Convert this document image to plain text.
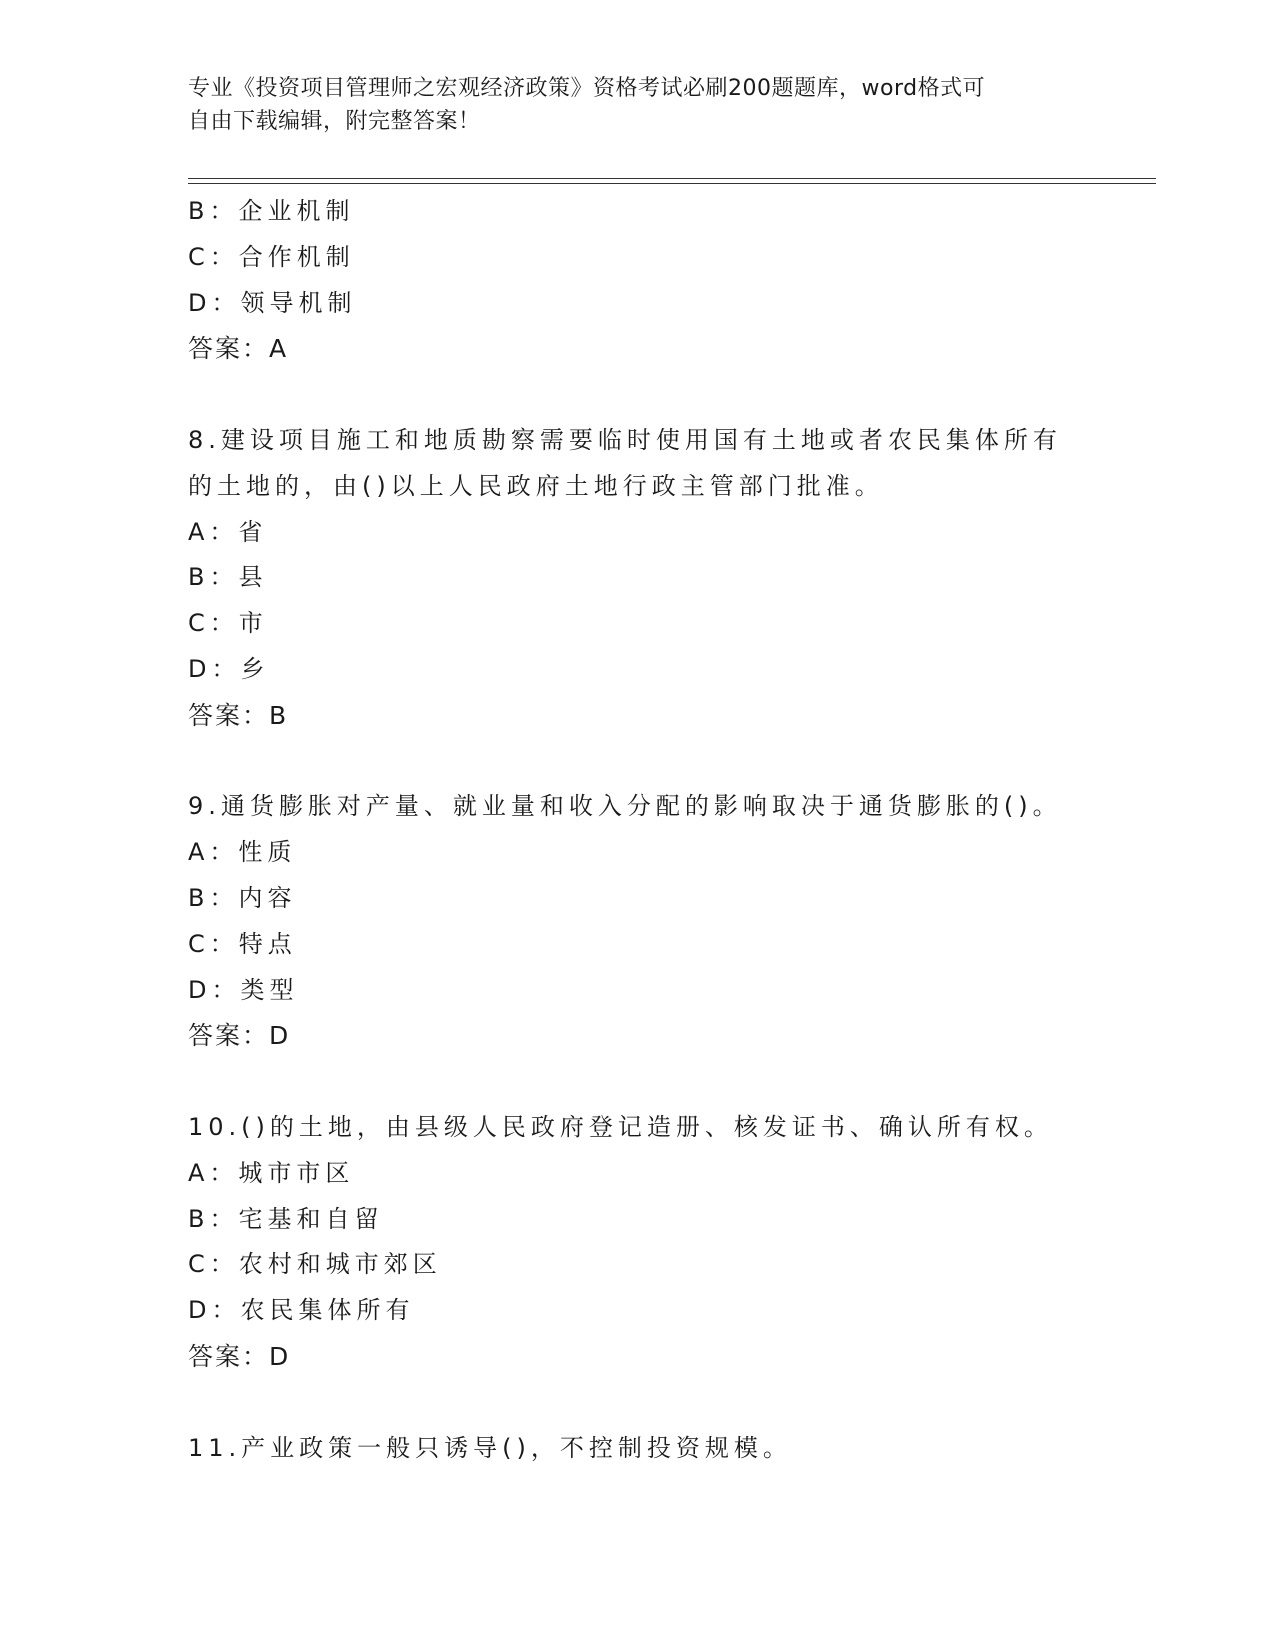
专业《投资项目管理师之宏观经济政策》资格考试必刷200题题库，word格式可
自由下载编辑，附完整答案！
B：企业机制
C：合作机制
D：领导机制
答案：A
8.建设项目施工和地质勘察需要临时使用国有土地或者农民集体所有
的土地的，由()以上人民政府土地行政主管部门批准。
A：省
B：县
C：市
D：乡
答案：B
9.通货膨胀对产量、就业量和收入分配的影响取决于通货膨胀的()。
A：性质
B：内容
C：特点
D：类型
答案：D
10.()的土地，由县级人民政府登记造册、核发证书、确认所有权。
A：城市市区
B：宅基和自留
C：农村和城市郊区
D：农民集体所有
答案：D
11.产业政策一般只诱导()，不控制投资规模。
